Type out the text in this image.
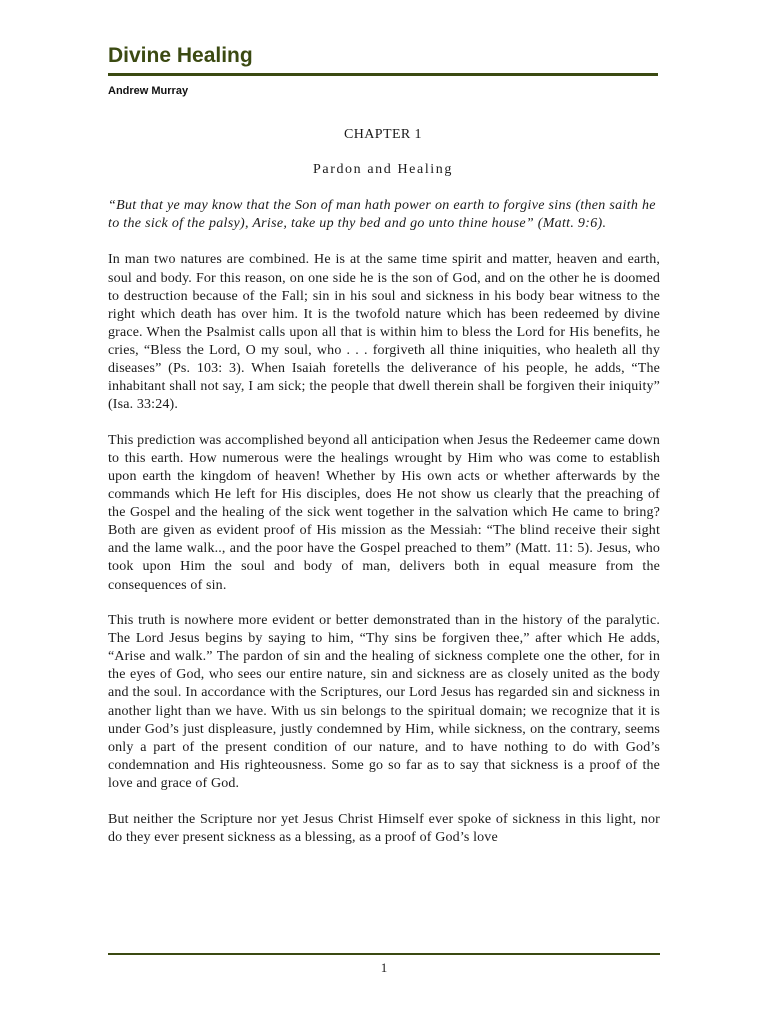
Divine Healing
Andrew Murray
CHAPTER 1
Pardon and Healing

“But that ye may know that the Son of man hath power on earth to forgive sins (then saith he to the sick of the palsy), Arise, take up thy bed and go unto thine house” (Matt. 9:6).

In man two natures are combined. He is at the same time spirit and matter, heaven and earth, soul and body. For this reason, on one side he is the son of God, and on the other he is doomed to destruction because of the Fall; sin in his soul and sickness in his body bear witness to the right which death has over him. It is the twofold nature which has been redeemed by divine grace. When the Psalmist calls upon all that is within him to bless the Lord for His benefits, he cries, “Bless the Lord, O my soul, who . . . forgiveth all thine iniquities, who healeth all thy diseases” (Ps. 103: 3). When Isaiah foretells the deliverance of his people, he adds, “The inhabitant shall not say, I am sick; the people that dwell therein shall be forgiven their iniquity” (Isa. 33:24).

This prediction was accomplished beyond all anticipation when Jesus the Redeemer came down to this earth. How numerous were the healings wrought by Him who was come to establish upon earth the kingdom of heaven! Whether by His own acts or whether afterwards by the commands which He left for His disciples, does He not show us clearly that the preaching of the Gospel and the healing of the sick went together in the salvation which He came to bring? Both are given as evident proof of His mission as the Messiah: “The blind receive their sight and the lame walk.., and the poor have the Gospel preached to them” (Matt. 11: 5). Jesus, who took upon Him the soul and body of man, delivers both in equal measure from the consequences of sin.

This truth is nowhere more evident or better demonstrated than in the history of the paralytic. The Lord Jesus begins by saying to him, “Thy sins be forgiven thee,” after which He adds, “Arise and walk.” The pardon of sin and the healing of sickness complete one the other, for in the eyes of God, who sees our entire nature, sin and sickness are as closely united as the body and the soul. In accordance with the Scriptures, our Lord Jesus has regarded sin and sickness in another light than we have. With us sin belongs to the spiritual domain; we recognize that it is under God’s just displeasure, justly condemned by Him, while sickness, on the contrary, seems only a part of the present condition of our nature, and to have nothing to do with God’s condemnation and His righteousness. Some go so far as to say that sickness is a proof of the love and grace of God.

But neither the Scripture nor yet Jesus Christ Himself ever spoke of sickness in this light, nor do they ever present sickness as a blessing, as a proof of God’s love

1
